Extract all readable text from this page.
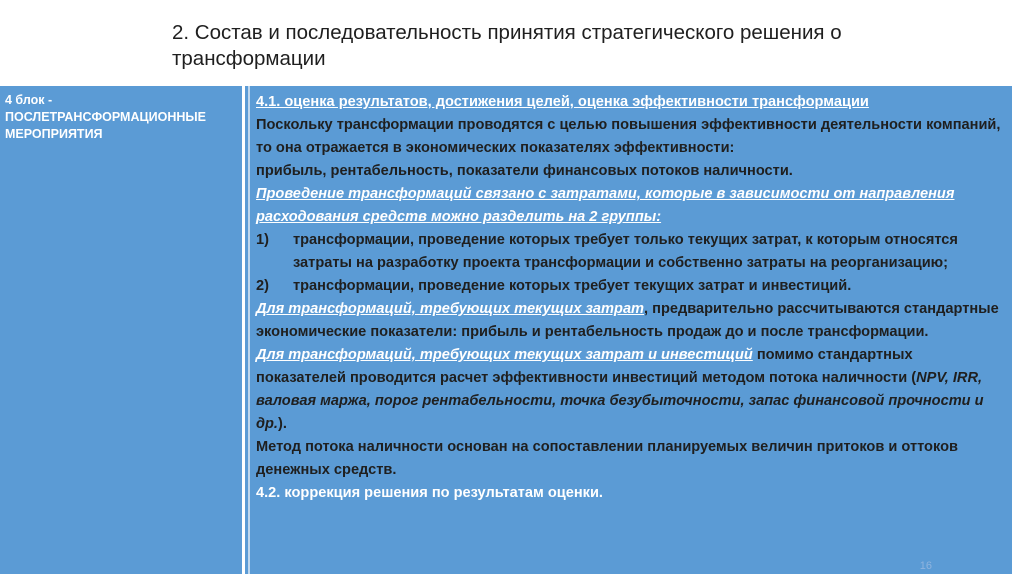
2. Состав и последовательность принятия стратегического решения о трансформации
4 блок -
ПОСЛЕТРАНСФОРМАЦИОННЫЕ МЕРОПРИЯТИЯ

4.1. оценка результатов, достижения целей, оценка эффективности трансформации

Поскольку трансформации проводятся с целью повышения эффективности деятельности компаний, то она отражается в экономических показателях эффективности:

прибыль, рентабельность, показатели финансовых потоков наличности.

Проведение трансформаций связано с затратами, которые в зависимости от направления расходования средств можно разделить на 2 группы:

1)	трансформации, проведение которых требует только текущих затрат, к которым относятся затраты на разработку проекта трансформации и собственно затраты на реорганизацию;
2)	трансформации, проведение которых требует текущих затрат и инвестиций.

Для трансформаций, требующих текущих затрат, предварительно рассчитываются стандартные экономические показатели: прибыль и рентабельность продаж до и после трансформации.

Для трансформаций, требующих текущих затрат и инвестиций помимо стандартных показателей проводится расчет эффективности инвестиций методом потока наличности (NPV, IRR, валовая маржа, порог рентабельности, точка безубыточности, запас финансовой прочности и др.).

Метод потока наличности основан на сопоставлении планируемых величин притоков и оттоков денежных средств.

4.2. коррекция решения по результатам оценки.

16
